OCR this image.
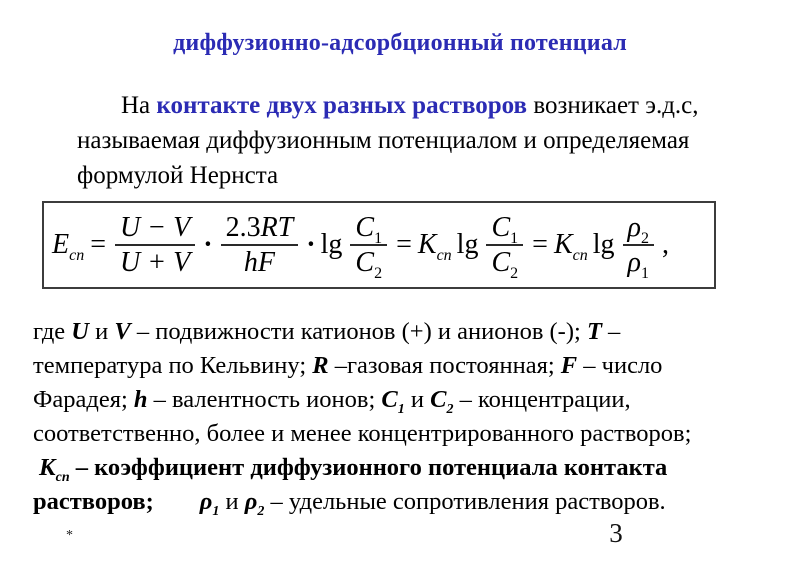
диффузионно-адсорбционный потенциал
На контакте двух разных растворов возникает э.д.с,
называемая диффузионным потенциалом и определяемая
формулой Нернста
$E_{сп} = \frac{U - V}{U + V} \cdot \frac{2.3RT}{hF} \cdot \lg \frac{C_1}{C_2} = K_{сп}$ $\lg \frac{C_1}{C_2} = K_{сп}$ $\lg \frac{\rho_2}{\rho_1}$ ,
где U и V – подвижности катионов (+) и анионов (-); T –
температура по Кельвину; R –газовая постоянная; F – число
Фарадея; h – валентность ионов; $C_1$ и $C_2$ – концентрации,
соответственно, более и менее концентрированного растворов;
$К_{сп}$ – коэффициент диффузионного потенциала контакта
растворов; $\rho_1$ и $\rho_2$ – удельные сопротивления растворов.
*	3
